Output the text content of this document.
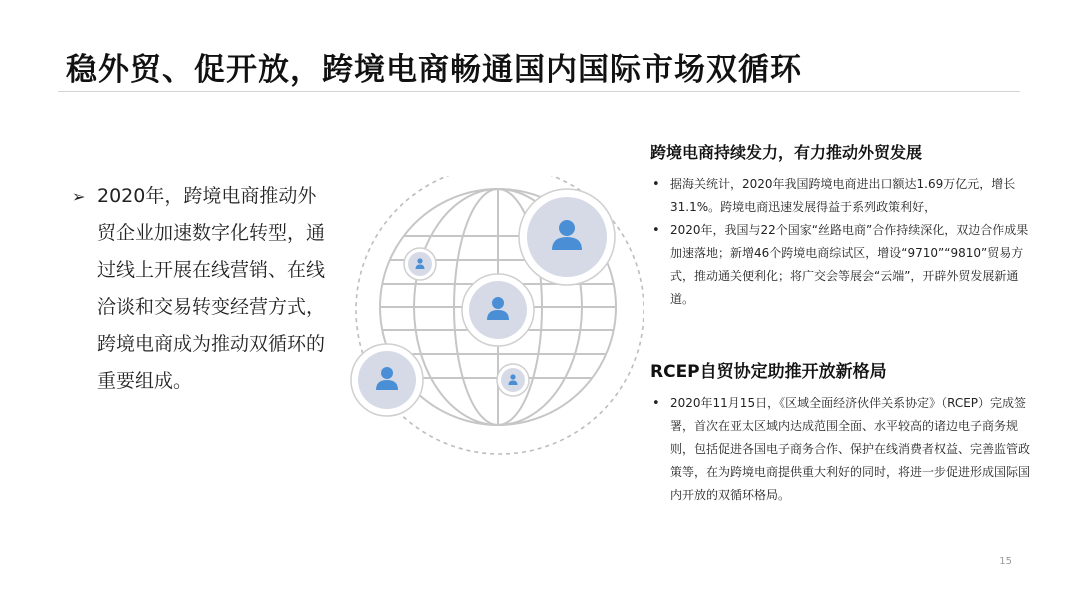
稳外贸、促开放，跨境电商畅通国内国际市场双循环
➢ 2020年，跨境电商推动外贸企业加速数字化转型，通过线上开展在线营销、在线洽谈和交易转变经营方式，跨境电商成为推动双循环的重要组成。
跨境电商持续发力，有力推动外贸发展
• 据海关统计，2020年我国跨境电商进出口额达1.69万亿元，增长31.1%。跨境电商迅速发展得益于系列政策利好，
• 2020年，我国与22个国家“丝路电商”合作持续深化，双边合作成果加速落地；新增46个跨境电商综试区，增设“9710”“9810”贸易方式，推动通关便利化；将广交会等展会“云端”，开辟外贸发展新通道。
RCEP自贸协定助推开放新格局
• 2020年11月15日，《区域全面经济伙伴关系协定》（RCEP）完成签署，首次在亚太区域内达成范围全面、水平较高的诸边电子商务规则，包括促进各国电子商务合作、保护在线消费者权益、完善监管政策等，在为跨境电商提供重大利好的同时，将进一步促进形成国际国内开放的双循环格局。
15
